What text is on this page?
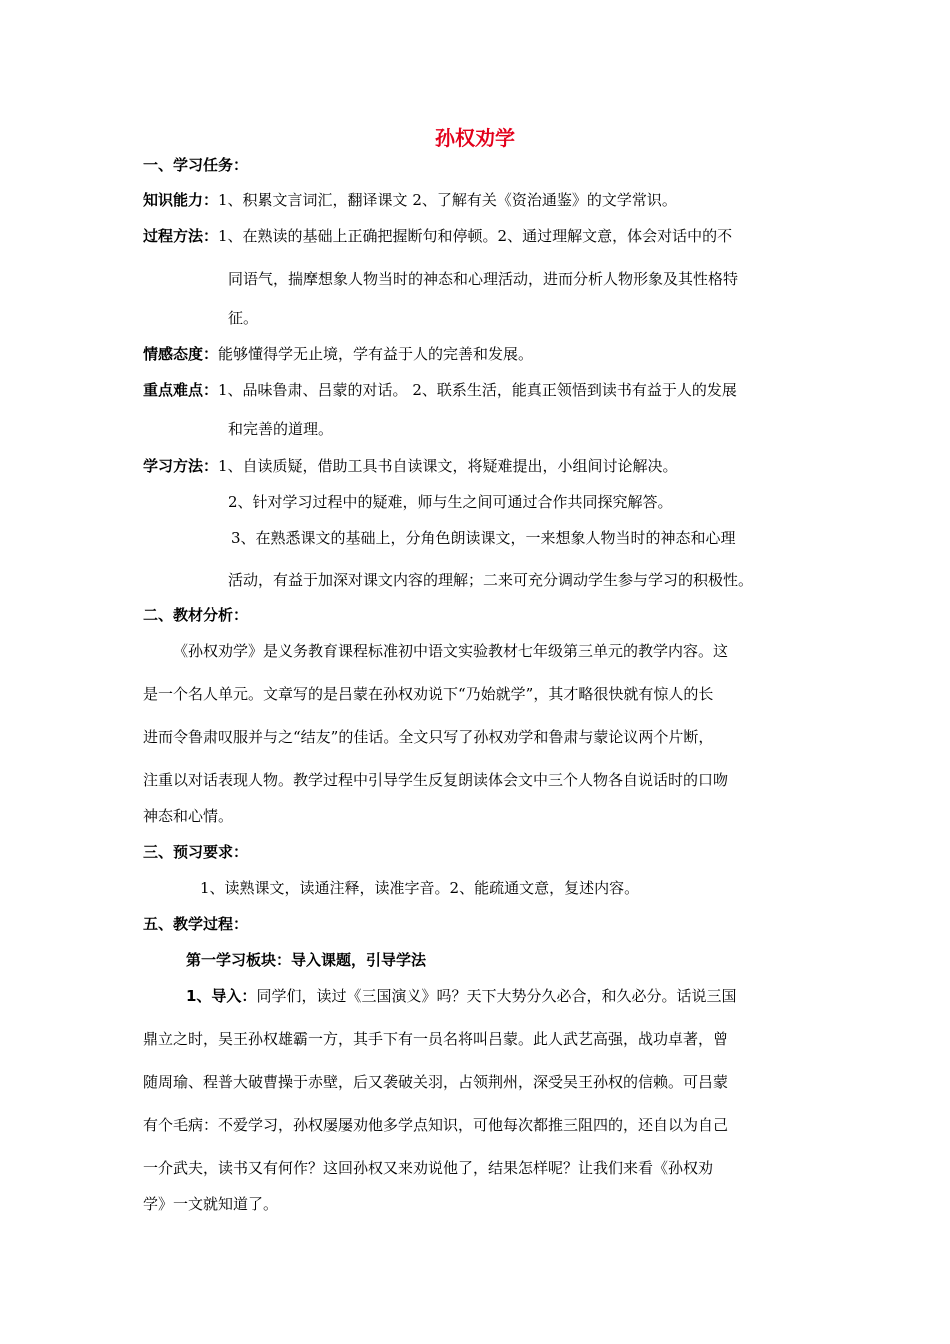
孙权劝学
一、学习任务：
知识能力：1、积累文言词汇，翻译课文 2、了解有关《资治通鉴》的文学常识。
过程方法：1、在熟读的基础上正确把握断句和停顿。2、通过理解文意，体会对话中的不
同语气，揣摩想象人物当时的神态和心理活动，进而分析人物形象及其性格特
征。
情感态度：能够懂得学无止境，学有益于人的完善和发展。
重点难点：1、品味鲁肃、吕蒙的对话。 2、联系生活，能真正领悟到读书有益于人的发展
和完善的道理。
学习方法：1、自读质疑，借助工具书自读课文，将疑难提出，小组间讨论解决。
2、针对学习过程中的疑难，师与生之间可通过合作共同探究解答。
3、在熟悉课文的基础上，分角色朗读课文，一来想象人物当时的神态和心理
活动，有益于加深对课文内容的理解；二来可充分调动学生参与学习的积极性。
二、教材分析：
《孙权劝学》是义务教育课程标准初中语文实验教材七年级第三单元的教学内容。这
是一个名人单元。文章写的是吕蒙在孙权劝说下“乃始就学”，其才略很快就有惊人的长
进而令鲁肃叹服并与之“结友”的佳话。全文只写了孙权劝学和鲁肃与蒙论议两个片断，
注重以对话表现人物。教学过程中引导学生反复朗读体会文中三个人物各自说话时的口吻
神态和心情。
三、预习要求：
1、读熟课文，读通注释，读准字音。2、能疏通文意，复述内容。
五、教学过程：
第一学习板块：导入课题，引导学法
1、导入：同学们，读过《三国演义》吗？天下大势分久必合，和久必分。话说三国
鼎立之时，吴王孙权雄霸一方，其手下有一员名将叫吕蒙。此人武艺高强，战功卓著，曾
随周瑜、程普大破曹操于赤壁，后又袭破关羽，占领荆州，深受吴王孙权的信赖。可吕蒙
有个毛病：不爱学习，孙权屡屡劝他多学点知识，可他每次都推三阻四的，还自以为自己
一介武夫，读书又有何作？这回孙权又来劝说他了，结果怎样呢？让我们来看《孙权劝
学》一文就知道了。
